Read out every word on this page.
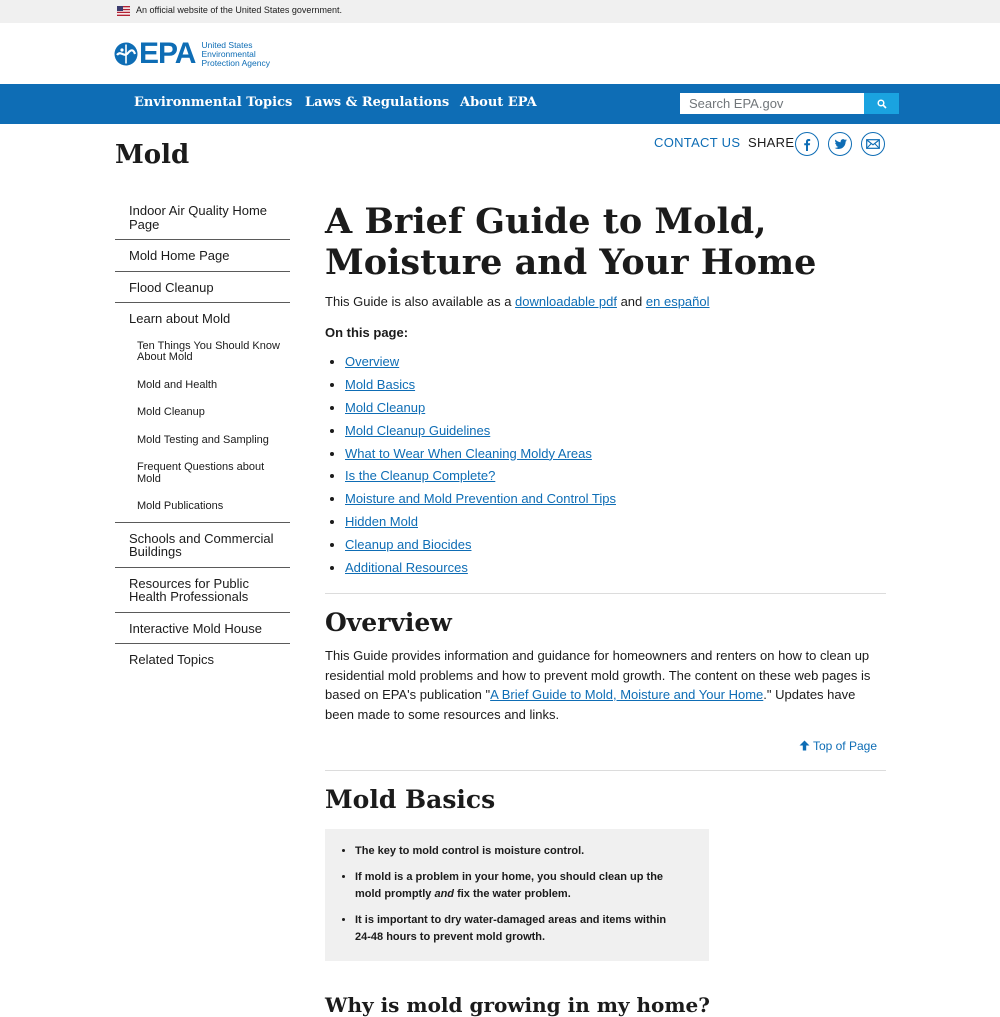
An official website of the United States government.
EPA United States
Environmental
Protection Agency
Environmental Topics Laws & Regulations About EPA
Search EPA.gov
Mold	CONTACT US SHARE
Indoor Air Quality Home Page
Mold Home Page
Flood Cleanup
Learn about Mold
Ten Things You Should Know About Mold
Mold and Health
Mold Cleanup
Mold Testing and Sampling
Frequent Questions about Mold
Mold Publications
Schools and Commercial Buildings
Resources for Public Health Professionals
Interactive Mold House
Related Topics
A Brief Guide to Mold, Moisture and Your Home

This Guide is also available as a downloadable pdf and en español

On this page:

• Overview
• Mold Basics
• Mold Cleanup
• Mold Cleanup Guidelines
• What to Wear When Cleaning Moldy Areas
• Is the Cleanup Complete?
• Moisture and Mold Prevention and Control Tips
• Hidden Mold
• Cleanup and Biocides
• Additional Resources
Overview

This Guide provides information and guidance for homeowners and renters on how to clean up residential mold problems and how to prevent mold growth. The content on these web pages is based on EPA's publication "A Brief Guide to Mold, Moisture and Your Home." Updates have been made to some resources and links.

Top of Page
Mold Basics
• The key to mold control is moisture control.
• If mold is a problem in your home, you should clean up the mold promptly and fix the water problem.
• It is important to dry water-damaged areas and items within 24-48 hours to prevent mold growth.
Why is mold growing in my home?
